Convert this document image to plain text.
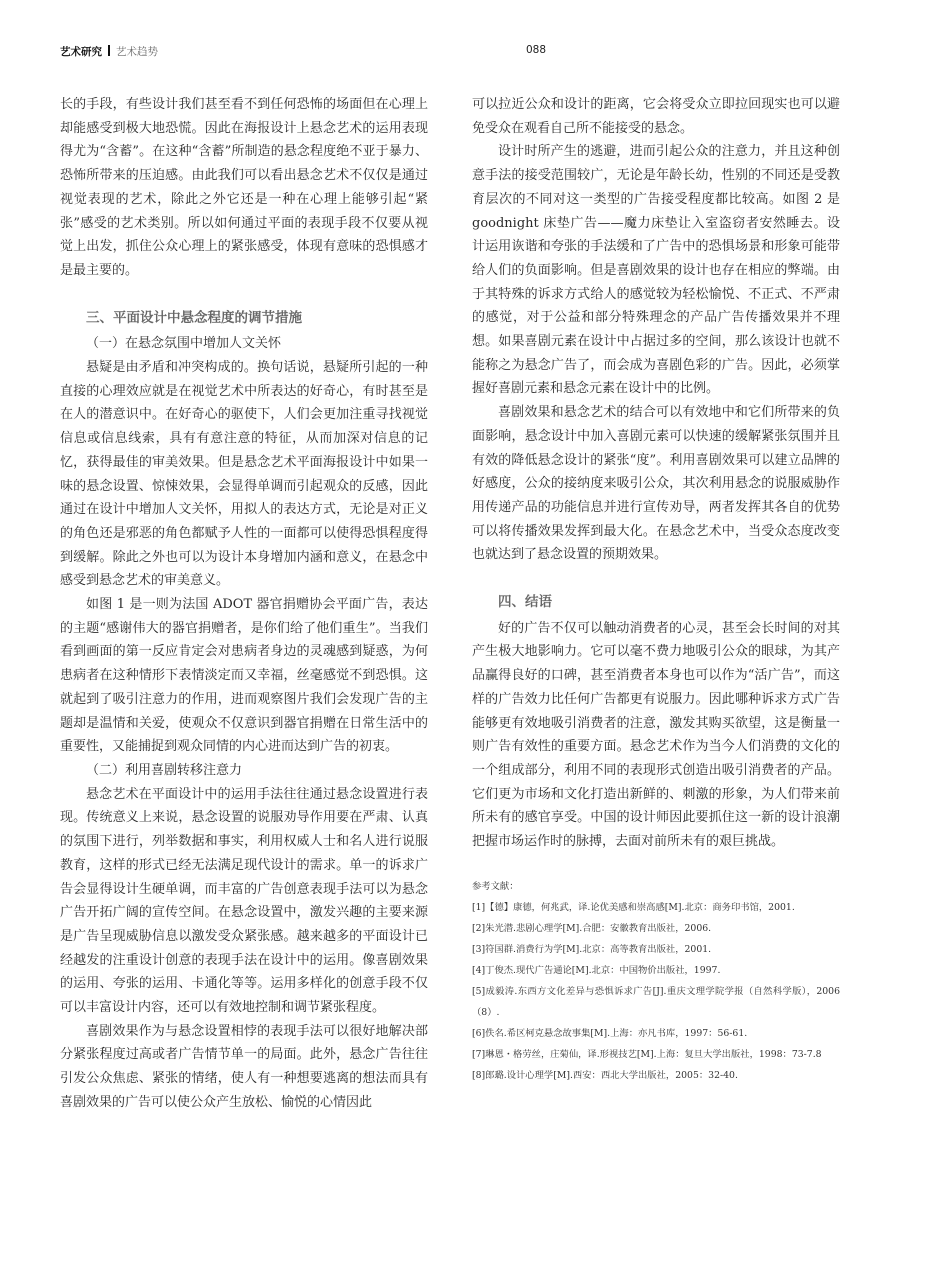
艺术研究 艺术趋势	088

长的手段，有些设计我们甚至看不到任何恐怖的场面但在心理上却能感受到极大地恐慌。因此在海报设计上悬念艺术的运用表现得尤为“含蓄”。在这种“含蓄”所制造的悬念程度绝不亚于暴力、恐怖所带来的压迫感。由此我们可以看出悬念艺术不仅仅是通过视觉表现的艺术，除此之外它还是一种在心理上能够引起“紧张”感受的艺术类别。所以如何通过平面的表现手段不仅要从视觉上出发，抓住公众心理上的紧张感受，体现有意味的恐惧感才是最主要的。

三、平面设计中悬念程度的调节措施

（一）在悬念氛围中增加人文关怀

悬疑是由矛盾和冲突构成的。换句话说，悬疑所引起的一种直接的心理效应就是在视觉艺术中所表达的好奇心，有时甚至是在人的潜意识中。在好奇心的驱使下，人们会更加注重寻找视觉信息或信息线索，具有有意注意的特征，从而加深对信息的记忆，获得最佳的审美效果。但是悬念艺术平面海报设计中如果一味的悬念设置、惊悚效果，会显得单调而引起观众的反感，因此通过在设计中增加人文关怀，用拟人的表达方式，无论是对正义的角色还是邪恶的角色都赋予人性的一面都可以使得恐惧程度得到缓解。除此之外也可以为设计本身增加内涵和意义，在悬念中感受到悬念艺术的审美意义。

如图 1 是一则为法国 ADOT 器官捐赠协会平面广告，表达的主题“感谢伟大的器官捐赠者，是你们给了他们重生”。当我们看到画面的第一反应肯定会对患病者身边的灵魂感到疑惑，为何患病者在这种情形下表情淡定而又幸福，丝毫感觉不到恐惧。这就起到了吸引注意力的作用，进而观察图片我们会发现广告的主题却是温情和关爱，使观众不仅意识到器官捐赠在日常生活中的重要性，又能捕捉到观众同情的内心进而达到广告的初衷。

（二）利用喜剧转移注意力

悬念艺术在平面设计中的运用手法往往通过悬念设置进行表现。传统意义上来说，悬念设置的说服劝导作用要在严肃、认真的氛围下进行，列举数据和事实，利用权威人士和名人进行说服教育，这样的形式已经无法满足现代设计的需求。单一的诉求广告会显得设计生硬单调，而丰富的广告创意表现手法可以为悬念广告开拓广阔的宣传空间。在悬念设置中，激发兴趣的主要来源是广告呈现威胁信息以激发受众紧张感。越来越多的平面设计已经越发的注重设计创意的表现手法在设计中的运用。像喜剧效果的运用、夸张的运用、卡通化等等。运用多样化的创意手段不仅可以丰富设计内容，还可以有效地控制和调节紧张程度。

喜剧效果作为与悬念设置相悖的表现手法可以很好地解决部分紧张程度过高或者广告情节单一的局面。此外，悬念广告往往引发公众焦虑、紧张的情绪，使人有一种想要逃离的想法而具有喜剧效果的广告可以使公众产生放松、愉悦的心情因此

可以拉近公众和设计的距离，它会将受众立即拉回现实也可以避免受众在观看自己所不能接受的悬念。

设计时所产生的逃避，进而引起公众的注意力，并且这种创意手法的接受范围较广，无论是年龄长幼，性别的不同还是受教育层次的不同对这一类型的广告接受程度都比较高。如图 2 是 goodnight 床垫广告——魔力床垫让入室盗窃者安然睡去。设计运用诙谐和夸张的手法缓和了广告中的恐惧场景和形象可能带给人们的负面影响。但是喜剧效果的设计也存在相应的弊端。由于其特殊的诉求方式给人的感觉较为轻松愉悦、不正式、不严肃的感觉，对于公益和部分特殊理念的产品广告传播效果并不理想。如果喜剧元素在设计中占据过多的空间，那么该设计也就不能称之为悬念广告了，而会成为喜剧色彩的广告。因此，必须掌握好喜剧元素和悬念元素在设计中的比例。

喜剧效果和悬念艺术的结合可以有效地中和它们所带来的负面影响，悬念设计中加入喜剧元素可以快速的缓解紧张氛围并且有效的降低悬念设计的紧张“度”。利用喜剧效果可以建立品牌的好感度，公众的接纳度来吸引公众，其次利用悬念的说服威胁作用传递产品的功能信息并进行宣传劝导，两者发挥其各自的优势可以将传播效果发挥到最大化。在悬念艺术中，当受众态度改变也就达到了悬念设置的预期效果。

四、结语

好的广告不仅可以触动消费者的心灵，甚至会长时间的对其产生极大地影响力。它可以毫不费力地吸引公众的眼球，为其产品赢得良好的口碑，甚至消费者本身也可以作为“活广告”，而这样的广告效力比任何广告都更有说服力。因此哪种诉求方式广告能够更有效地吸引消费者的注意，激发其购买欲望，这是衡量一则广告有效性的重要方面。悬念艺术作为当今人们消费的文化的一个组成部分，利用不同的表现形式创造出吸引消费者的产品。它们更为市场和文化打造出新鲜的、刺激的形象，为人们带来前所未有的感官享受。中国的设计师因此要抓住这一新的设计浪潮把握市场运作时的脉搏，去面对前所未有的艰巨挑战。

参考文献：

[1]【德】康德，何兆武，译.论优美感和崇高感[M].北京：商务印书馆，2001.

[2]朱光潜.悲剧心理学[M].合肥：安徽教育出版社，2006.

[3]符国群.消费行为学[M].北京：高等教育出版社，2001.

[4]丁俊杰.现代广告通论[M].北京：中国物价出版社，1997.

[5]成毅涛.东西方文化差异与恐惧诉求广告[J].重庆文理学院学报（自然科学版），2006（8）.

[6]佚名.希区柯克悬念故事集[M].上海：亦凡书库，1997：56-61.

[7]琳恩・格劳丝，庄菊仙，译.形视技艺[M].上海：复旦大学出版社，1998：73-7.8

[8]郎璐.设计心理学[M].西安：西北大学出版社，2005：32-40.
